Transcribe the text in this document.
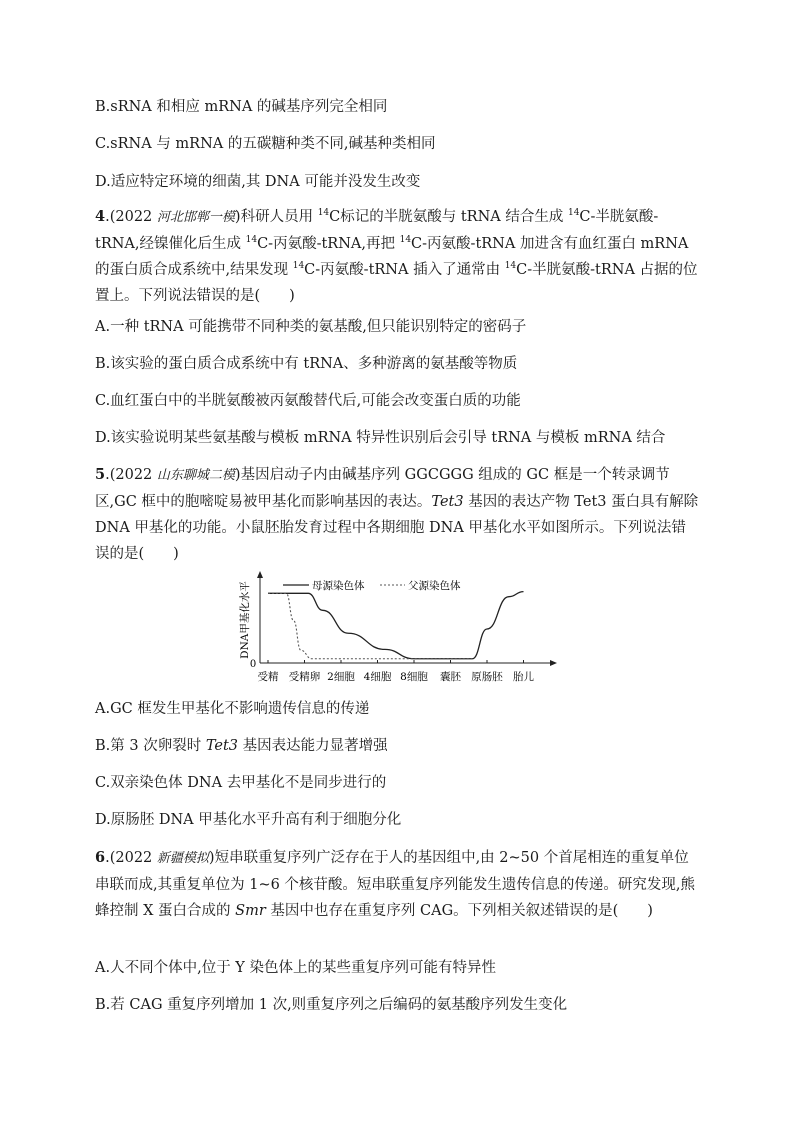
B.sRNA 和相应 mRNA 的碱基序列完全相同
C.sRNA 与 mRNA 的五碳糖种类不同,碱基种类相同
D.适应特定环境的细菌,其 DNA 可能并没发生改变
4.(2022 河北邯郸一模)科研人员用 $^{14}$C标记的半胱氨酸与 tRNA 结合生成 $^{14}$C-半胱氨酸-tRNA,经镍催化后生成 $^{14}$C-丙氨酸-tRNA,再把 $^{14}$C-丙氨酸-tRNA 加进含有血红蛋白 mRNA 的蛋白质合成系统中,结果发现 $^{14}$C-丙氨酸-tRNA 插入了通常由 $^{14}$C-半胱氨酸-tRNA 占据的位置上。下列说法错误的是(　　)
A.一种 tRNA 可能携带不同种类的氨基酸,但只能识别特定的密码子
B.该实验的蛋白质合成系统中有 tRNA、多种游离的氨基酸等物质
C.血红蛋白中的半胱氨酸被丙氨酸替代后,可能会改变蛋白质的功能
D.该实验说明某些氨基酸与模板 mRNA 特异性识别后会引导 tRNA 与模板 mRNA 结合
5.(2022 山东聊城二模)基因启动子内由碱基序列 GGCGGG 组成的 GC 框是一个转录调节区,GC 框中的胞嘧啶易被甲基化而影响基因的表达。Tet3 基因的表达产物 Tet3 蛋白具有解除 DNA 甲基化的功能。小鼠胚胎发育过程中各期细胞 DNA 甲基化水平如图所示。下列说法错误的是(　　)
DNA甲基化水平
0
母源染色体	父源染色体
受精 受精卵 2细胞 4细胞 8细胞 囊胚 原肠胚 胎儿
A.GC 框发生甲基化不影响遗传信息的传递
B.第 3 次卵裂时 Tet3 基因表达能力显著增强
C.双亲染色体 DNA 去甲基化不是同步进行的
D.原肠胚 DNA 甲基化水平升高有利于细胞分化
6.(2022 新疆模拟)短串联重复序列广泛存在于人的基因组中,由 2~50 个首尾相连的重复单位串联而成,其重复单位为 1~6 个核苷酸。短串联重复序列能发生遗传信息的传递。研究发现,熊蜂控制 X 蛋白合成的 Smr 基因中也存在重复序列 CAG。下列相关叙述错误的是(　　)
A.人不同个体中,位于 Y 染色体上的某些重复序列可能有特异性
B.若 CAG 重复序列增加 1 次,则重复序列之后编码的氨基酸序列发生变化
